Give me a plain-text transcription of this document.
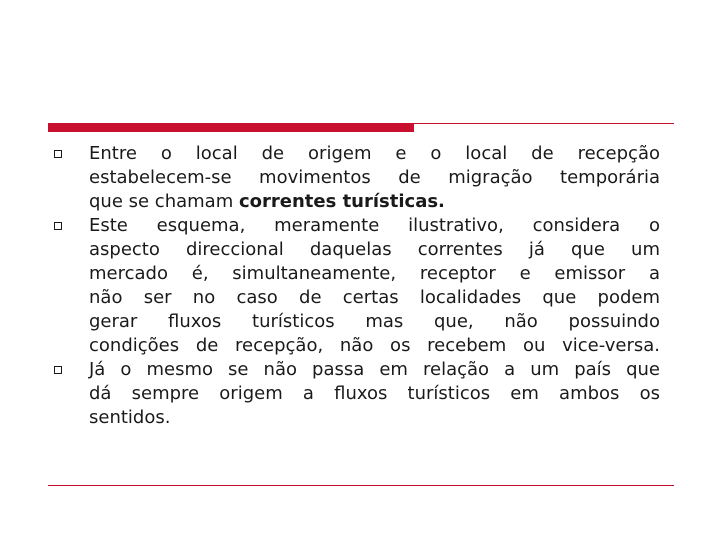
Entre o local de origem e o local de recepção
estabelecem-se movimentos de migração temporária
que se chamam correntes turísticas.
Este esquema, meramente ilustrativo, considera o
aspecto direccional daquelas correntes já que um
mercado é, simultaneamente, receptor e emissor a
não ser no caso de certas localidades que podem
gerar fluxos turísticos mas que, não possuindo
condições de recepção, não os recebem ou vice-versa.
Já o mesmo se não passa em relação a um país que
dá sempre origem a fluxos turísticos em ambos os
sentidos.
